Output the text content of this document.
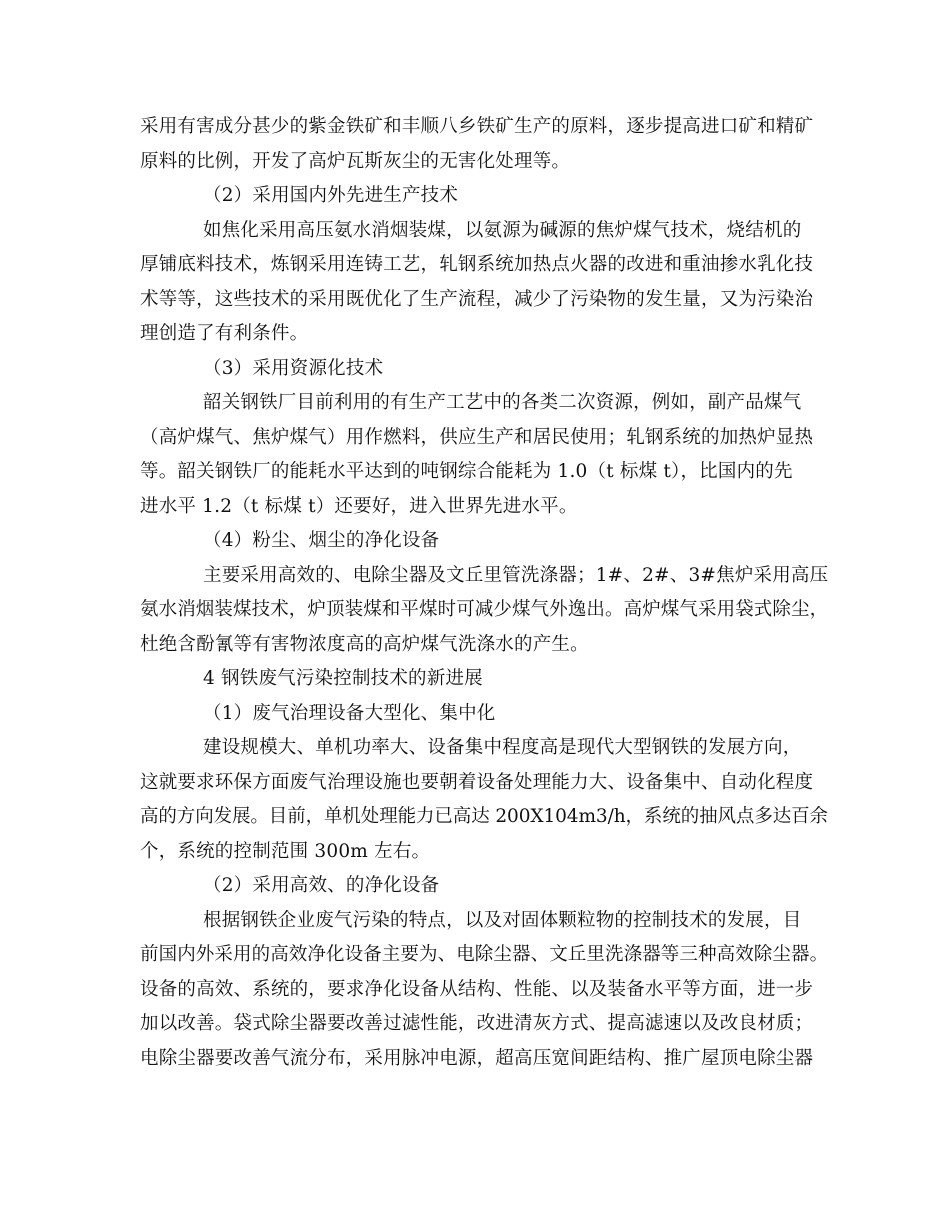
采用有害成分甚少的紫金铁矿和丰顺八乡铁矿生产的原料，逐步提高进口矿和精矿
原料的比例，开发了高炉瓦斯灰尘的无害化处理等。
（2）采用国内外先进生产技术
如焦化采用高压氨水消烟装煤，以氨源为碱源的焦炉煤气技术，烧结机的
厚铺底料技术，炼钢采用连铸工艺，轧钢系统加热点火器的改进和重油掺水乳化技
术等等，这些技术的采用既优化了生产流程，减少了污染物的发生量，又为污染治
理创造了有利条件。
（3）采用资源化技术
韶关钢铁厂目前利用的有生产工艺中的各类二次资源，例如，副产品煤气
（高炉煤气、焦炉煤气）用作燃料，供应生产和居民使用；轧钢系统的加热炉显热
等。韶关钢铁厂的能耗水平达到的吨钢综合能耗为 1.0（t 标煤 t），比国内的先
进水平 1.2（t 标煤 t）还要好，进入世界先进水平。
（4）粉尘、烟尘的净化设备
主要采用高效的、电除尘器及文丘里管洗涤器；1#、2#、3#焦炉采用高压
氨水消烟装煤技术，炉顶装煤和平煤时可减少煤气外逸出。高炉煤气采用袋式除尘，
杜绝含酚氰等有害物浓度高的高炉煤气洗涤水的产生。
4 钢铁废气污染控制技术的新进展
（1）废气治理设备大型化、集中化
建设规模大、单机功率大、设备集中程度高是现代大型钢铁的发展方向，
这就要求环保方面废气治理设施也要朝着设备处理能力大、设备集中、自动化程度
高的方向发展。目前，单机处理能力已高达 200X104m3/h，系统的抽风点多达百余
个，系统的控制范围 300m 左右。
（2）采用高效、的净化设备
根据钢铁企业废气污染的特点，以及对固体颗粒物的控制技术的发展，目
前国内外采用的高效净化设备主要为、电除尘器、文丘里洗涤器等三种高效除尘器。
设备的高效、系统的，要求净化设备从结构、性能、以及装备水平等方面，进一步
加以改善。袋式除尘器要改善过滤性能，改进清灰方式、提高滤速以及改良材质；
电除尘器要改善气流分布，采用脉冲电源，超高压宽间距结构、推广屋顶电除尘器
